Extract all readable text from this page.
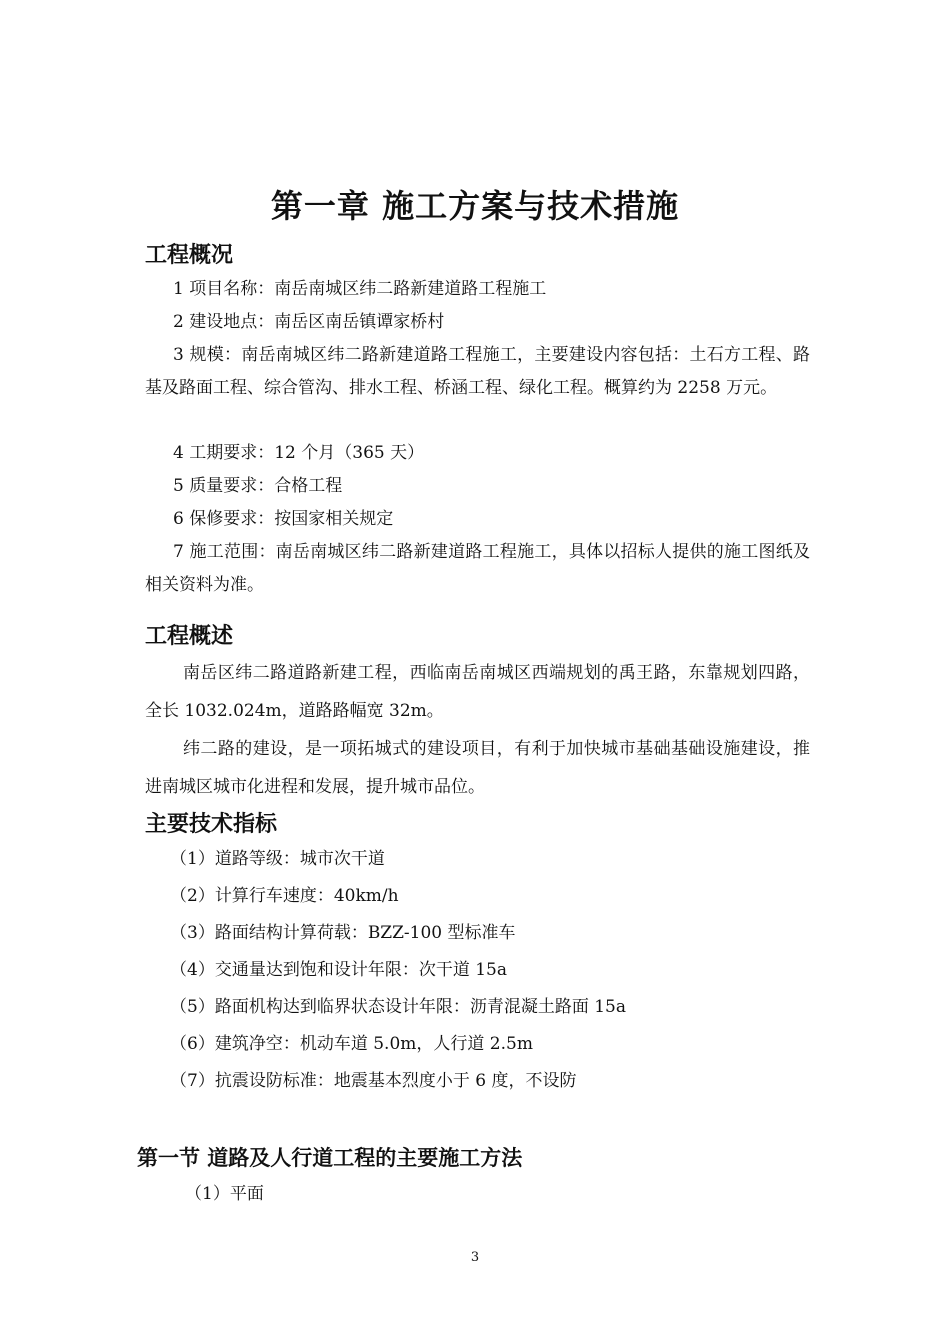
第一章 施工方案与技术措施
工程概况
1 项目名称：南岳南城区纬二路新建道路工程施工
2 建设地点：南岳区南岳镇谭家桥村
3 规模：南岳南城区纬二路新建道路工程施工，主要建设内容包括：土石方工程、路基及路面工程、综合管沟、排水工程、桥涵工程、绿化工程。概算约为 2258 万元。
4 工期要求：12 个月（365 天）
5 质量要求：合格工程
6 保修要求：按国家相关规定
7 施工范围：南岳南城区纬二路新建道路工程施工，具体以招标人提供的施工图纸及相关资料为准。
工程概述
南岳区纬二路道路新建工程，西临南岳南城区西端规划的禹王路，东靠规划四路，全长 1032.024m，道路路幅宽 32m。
纬二路的建设，是一项拓城式的建设项目，有利于加快城市基础基础设施建设，推进南城区城市化进程和发展，提升城市品位。
主要技术指标
（1）道路等级：城市次干道
（2）计算行车速度：40km/h
（3）路面结构计算荷载：BZZ-100 型标准车
（4）交通量达到饱和设计年限：次干道 15a
（5）路面机构达到临界状态设计年限：沥青混凝土路面 15a
（6）建筑净空：机动车道 5.0m，人行道 2.5m
（7）抗震设防标准：地震基本烈度小于 6 度，不设防
第一节 道路及人行道工程的主要施工方法
（1）平面
3
